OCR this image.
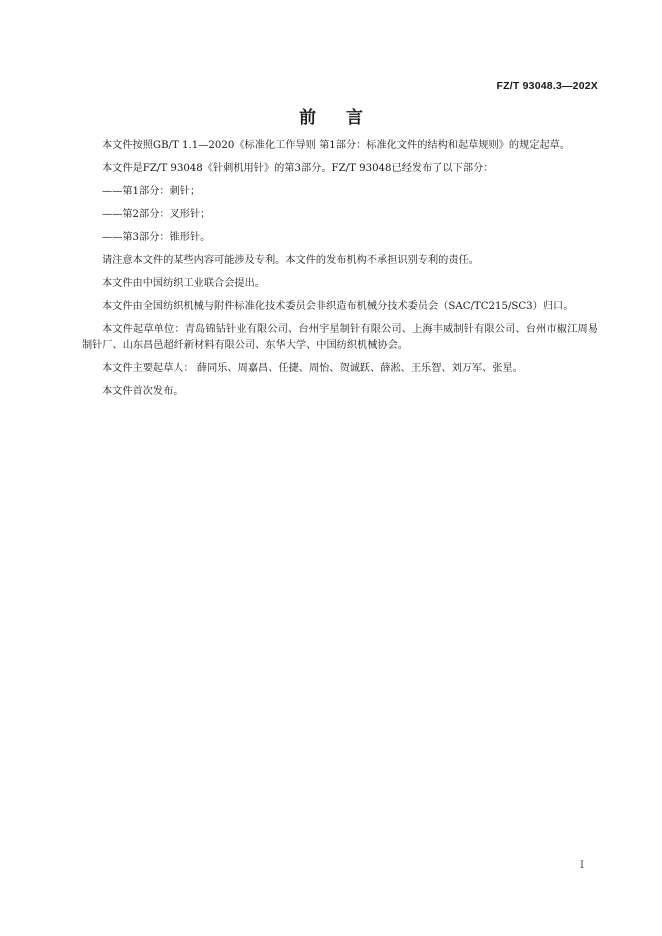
FZ/T 93048.3—202X
前言

本文件按照GB/T 1.1—2020《标准化工作导则 第1部分：标准化文件的结构和起草规则》的规定起草。

本文件是FZ/T 93048《针刺机用针》的第3部分。FZ/T 93048已经发布了以下部分：

——第1部分：刺针；

——第2部分：叉形针；

——第3部分：锥形针。

请注意本文件的某些内容可能涉及专利。本文件的发布机构不承担识别专利的责任。

本文件由中国纺织工业联合会提出。

本文件由全国纺织机械与附件标准化技术委员会非织造布机械分技术委员会（SAC/TC215/SC3）归口。

本文件起草单位：青岛锦钻针业有限公司、台州宇星制针有限公司、上海丰威制针有限公司、台州市椒江周易制针厂、山东昌邑超纤新材料有限公司、东华大学、中国纺织机械协会。

本文件主要起草人： 薛同乐、周嘉昌、任捷、周怡、贺诚跃、薛淞、王乐智、刘万军、张星。

本文件首次发布。

I
